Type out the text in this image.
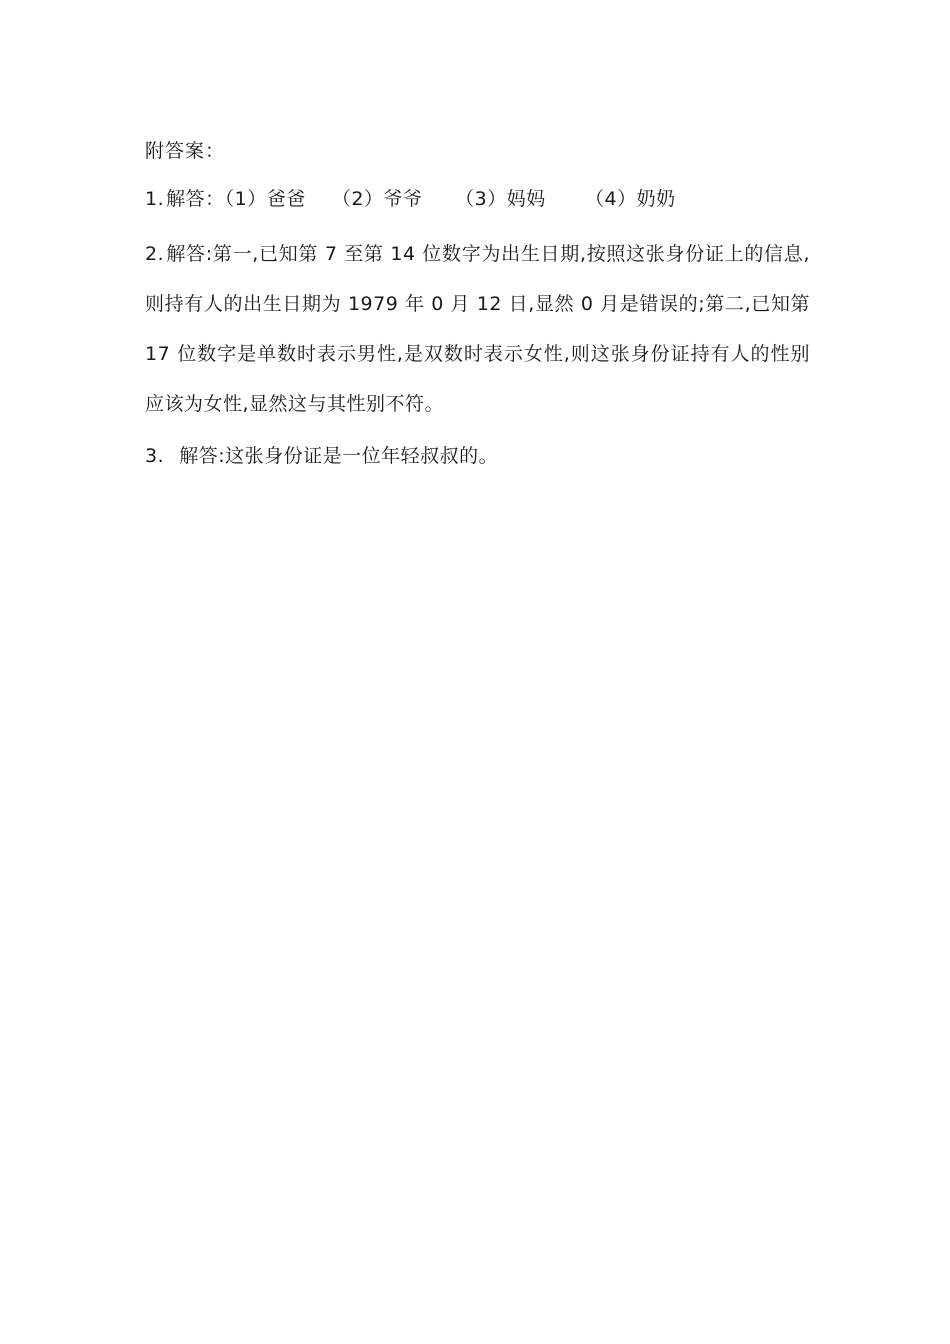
附答案：

1. 解答：（1）爸爸    （2）爷爷     （3）妈妈      （4）奶奶

2. 解答:第一,已知第 7 至第 14 位数字为出生日期,按照这张身份证上的信息,则持有人的出生日期为 1979 年 0 月 12 日,显然 0 月是错误的;第二,已知第 17 位数字是单数时表示男性,是双数时表示女性,则这张身份证持有人的性别应该为女性,显然这与其性别不符。

3.  解答:这张身份证是一位年轻叔叔的。
